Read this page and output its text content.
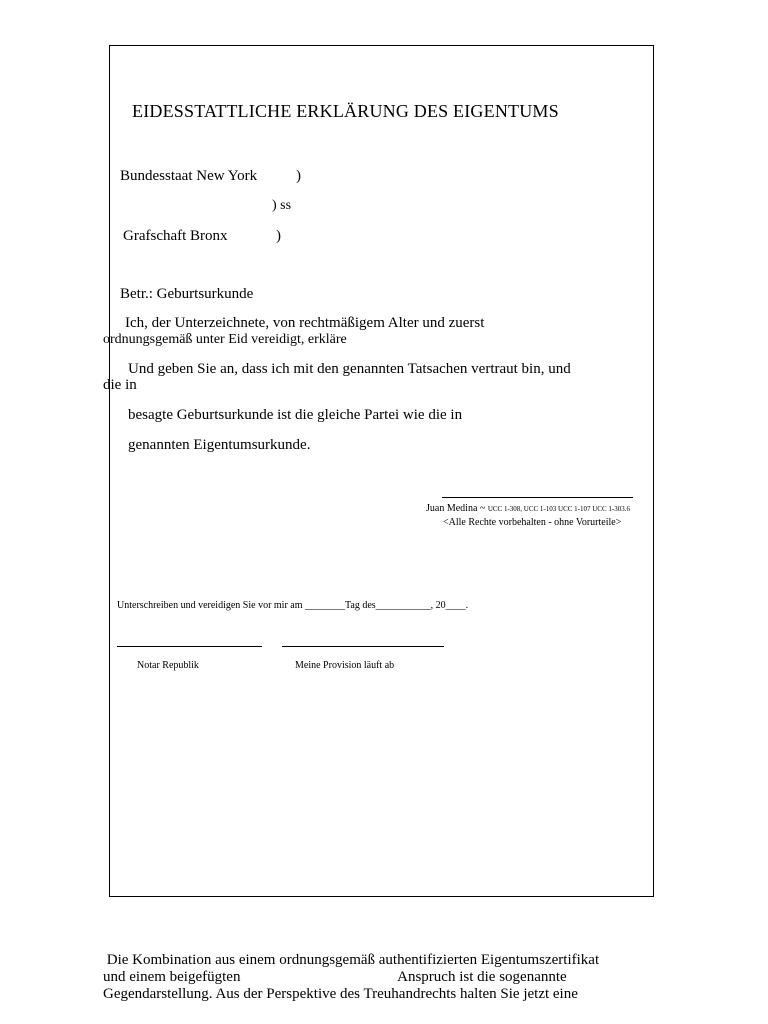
EIDESSTATTLICHE ERKLÄRUNG DES EIGENTUMS
Bundesstaat New York	)
) ss
Grafschaft Bronx	)
Betr.: Geburtsurkunde
Ich, der Unterzeichnete, von rechtmäßigem Alter und zuerst
ordnungsgemäß unter Eid vereidigt, erkläre
Und geben Sie an, dass ich mit den genannten Tatsachen vertraut bin, und
die in
besagte Geburtsurkunde ist die gleiche Partei wie die in
genannten Eigentumsurkunde.
Juan Medina ~ UCC 1-308, UCC 1-103 UCC 1-107 UCC 1-303.6
<Alle Rechte vorbehalten - ohne Vorurteile>
Unterschreiben und vereidigen Sie vor mir am ________Tag des___________, 20____.
Notar Republik	Meine Provision läuft ab
Die Kombination aus einem ordnungsgemäß authentifizierten Eigentumszertifikat
und einem beigefügten                                          Anspruch ist die sogenannte
Gegendarstellung. Aus der Perspektive des Treuhandrechts halten Sie jetzt eine
